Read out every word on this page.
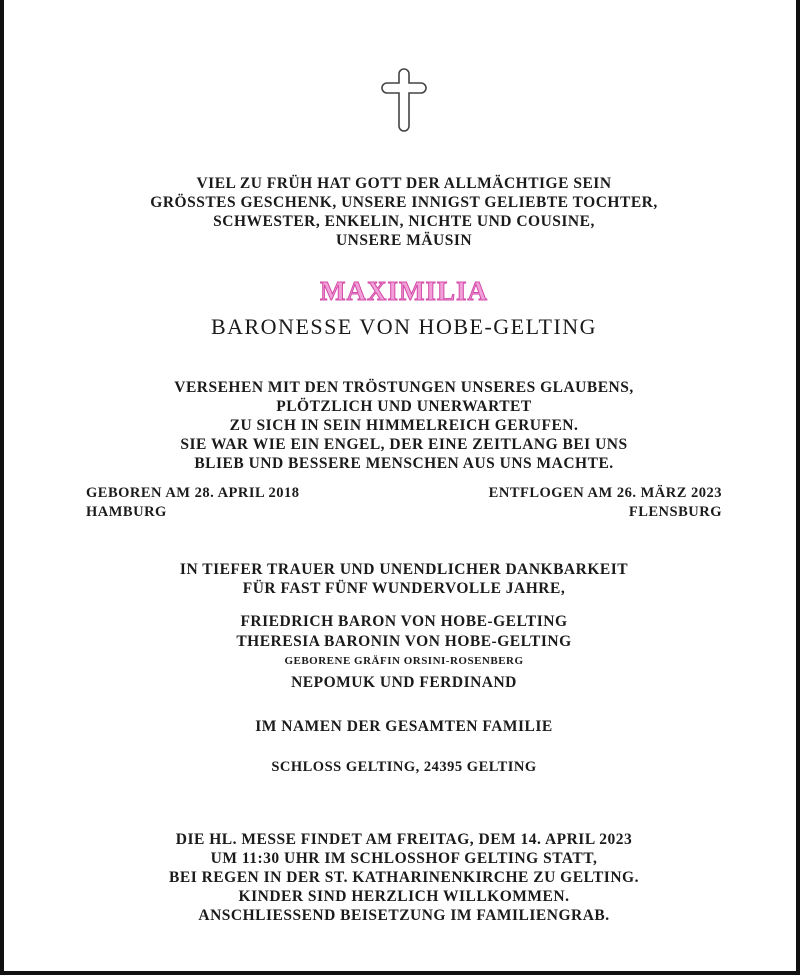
VIEL ZU FRÜH HAT GOTT DER ALLMÄCHTIGE SEIN
GRÖSSTES GESCHENK, UNSERE INNIGST GELIEBTE TOCHTER,
SCHWESTER, ENKELIN, NICHTE UND COUSINE,
UNSERE MÄUSIN
MAXIMILIA
BARONESSE VON HOBE-GELTING
VERSEHEN MIT DEN TRÖSTUNGEN UNSERES GLAUBENS,
PLÖTZLICH UND UNERWARTET
ZU SICH IN SEIN HIMMELREICH GERUFEN.
SIE WAR WIE EIN ENGEL, DER EINE ZEITLANG BEI UNS
BLIEB UND BESSERE MENSCHEN AUS UNS MACHTE.
GEBOREN AM 28. APRIL 2018
HAMBURG
ENTFLOGEN AM 26. MÄRZ 2023
FLENSBURG
IN TIEFER TRAUER UND UNENDLICHER DANKBARKEIT
FÜR FAST FÜNF WUNDERVOLLE JAHRE,
FRIEDRICH BARON VON HOBE-GELTING
THERESIA BARONIN VON HOBE-GELTING
GEBORENE GRÄFIN ORSINI-ROSENBERG
NEPOMUK UND FERDINAND
IM NAMEN DER GESAMTEN FAMILIE
SCHLOSS GELTING, 24395 GELTING
DIE HL. MESSE FINDET AM FREITAG, DEM 14. APRIL 2023
UM 11:30 UHR IM SCHLOSSHOF GELTING STATT,
BEI REGEN IN DER ST. KATHARINENKIRCHE ZU GELTING.
KINDER SIND HERZLICH WILLKOMMEN.
ANSCHLIESSEND BEISETZUNG IM FAMILIENGRAB.
